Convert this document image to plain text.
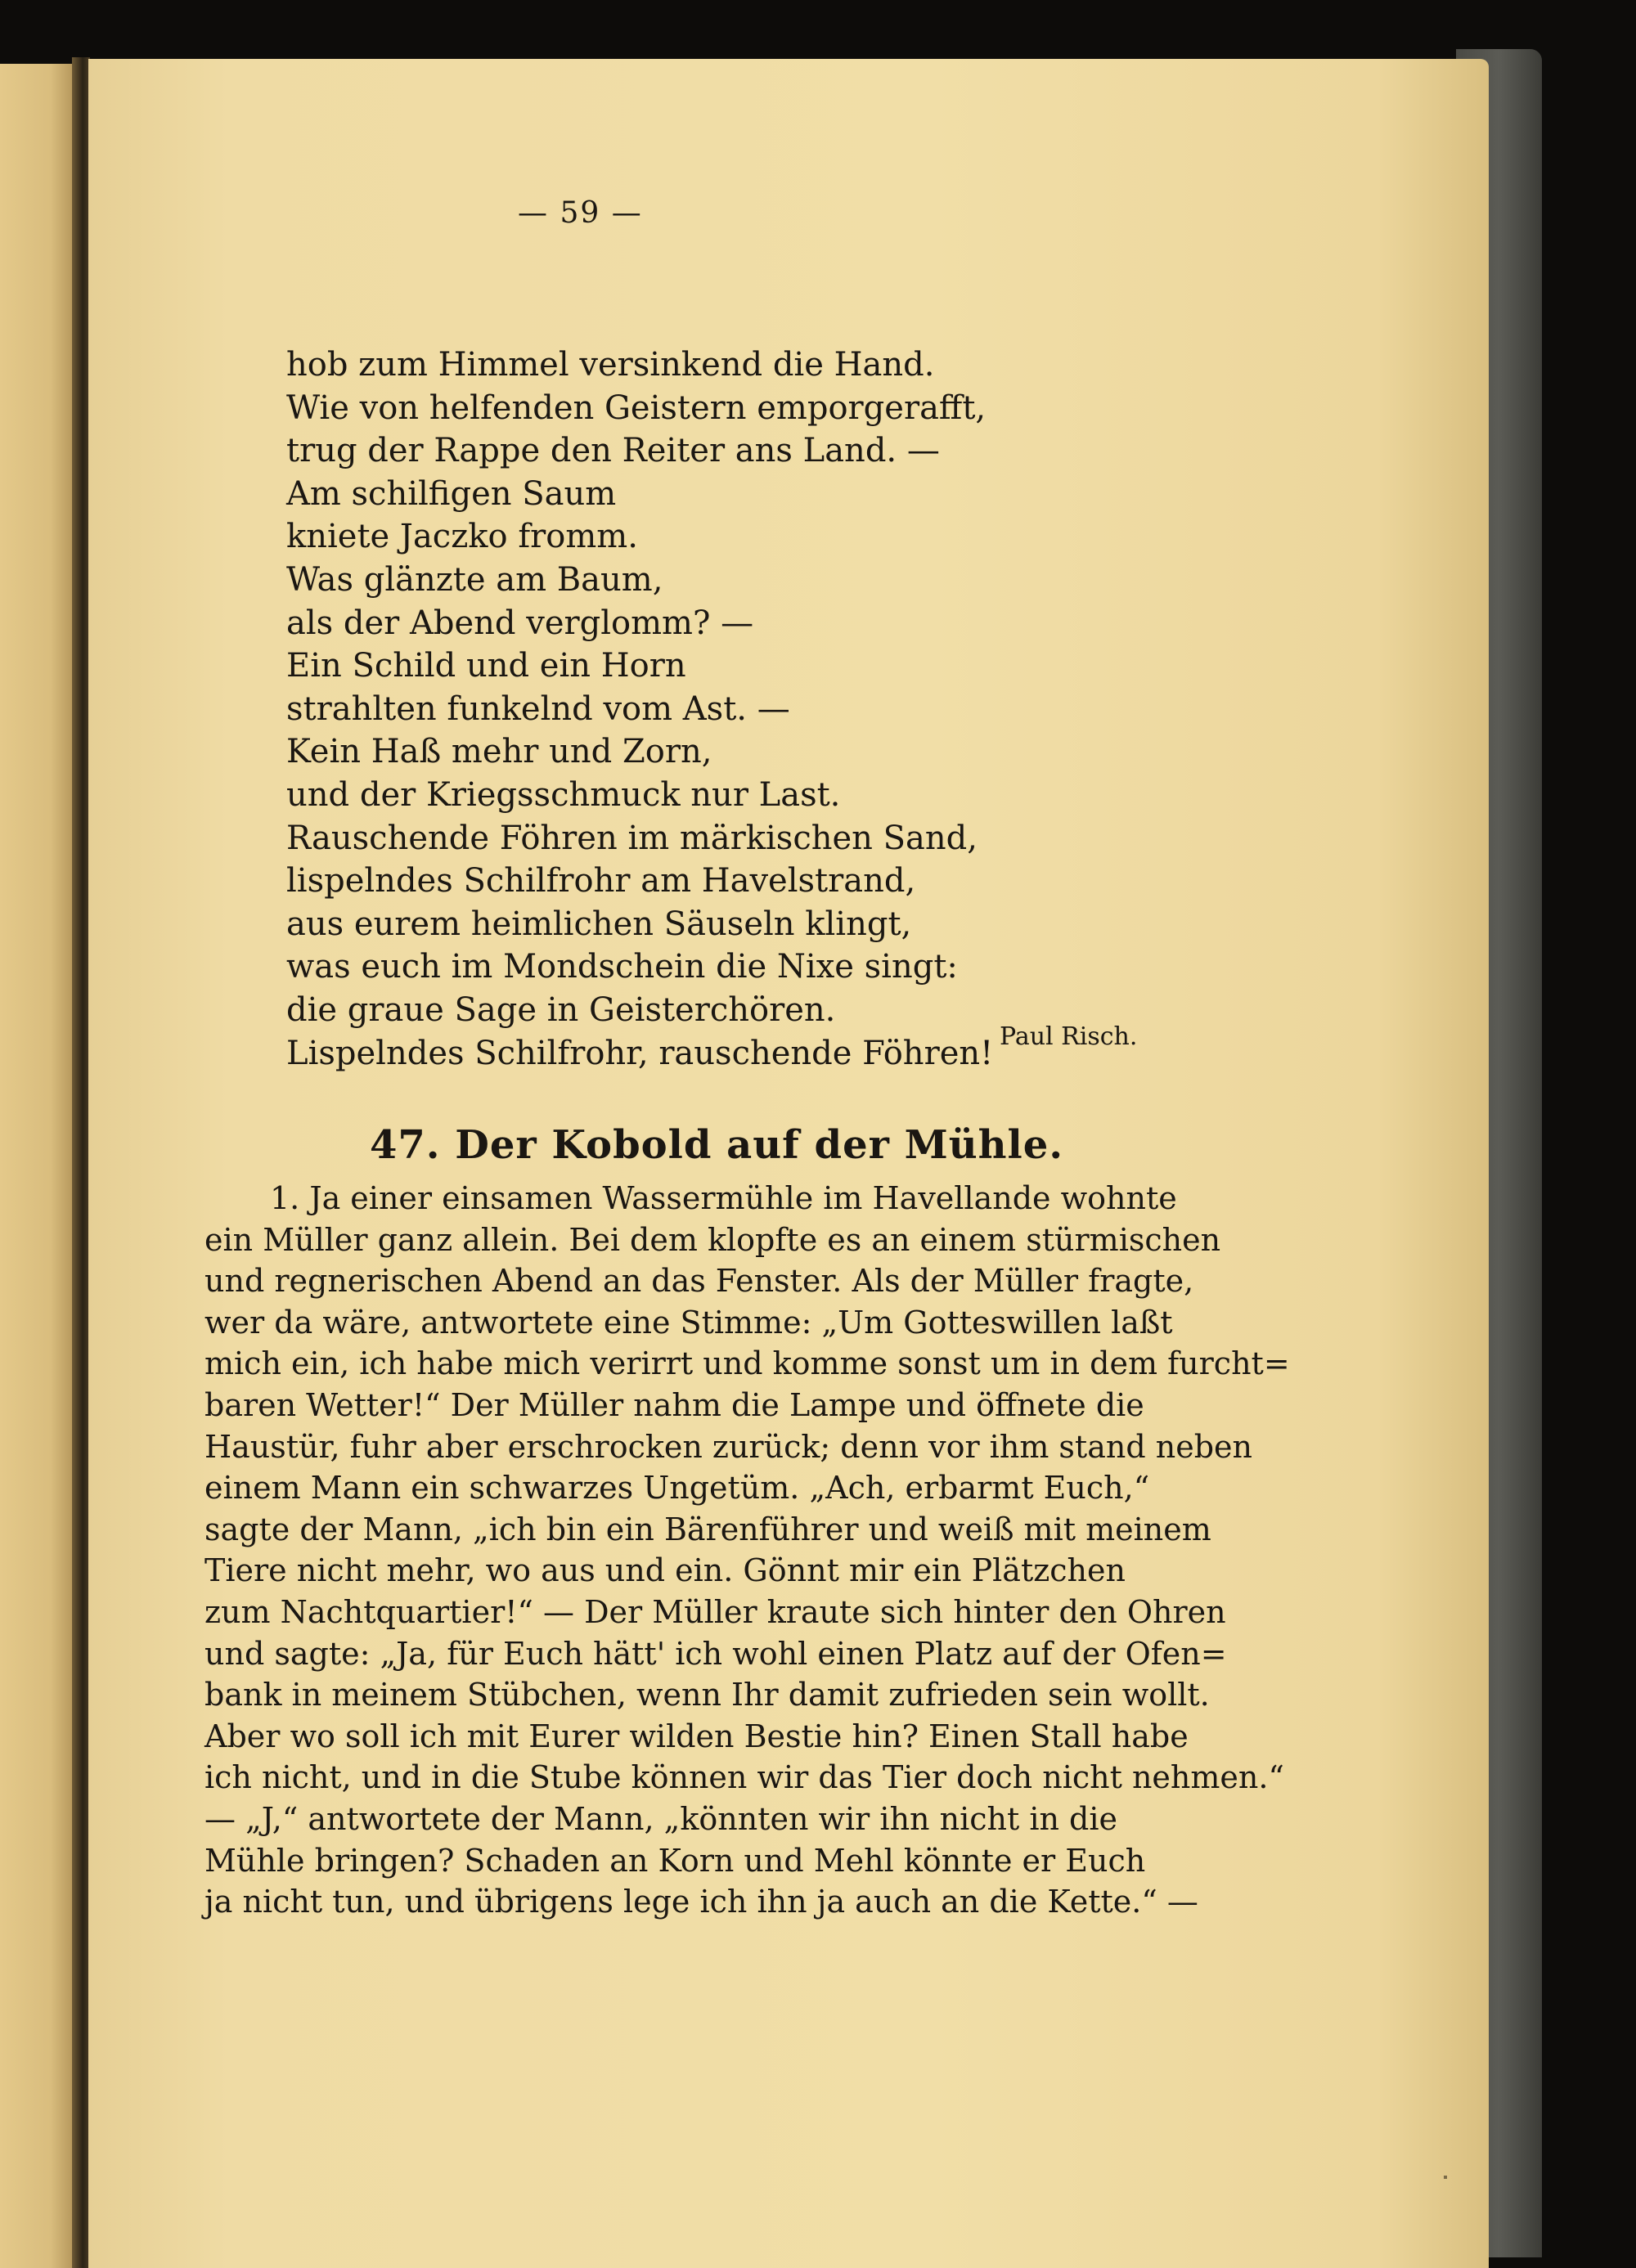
— 59 —
hob zum Himmel versinkend die Hand.
Wie von helfenden Geistern emporgerafft,
trug der Rappe den Reiter ans Land. —
Am schilfigen Saum
kniete Jaczko fromm.
Was glänzte am Baum,
als der Abend verglomm? —
Ein Schild und ein Horn
strahlten funkelnd vom Ast. —
Kein Haß mehr und Zorn,
und der Kriegsschmuck nur Last.
Rauschende Föhren im märkischen Sand,
lispelndes Schilfrohr am Havelstrand,
aus eurem heimlichen Säuseln klingt,
was euch im Mondschein die Nixe singt:
die graue Sage in Geisterchören.
Lispelndes Schilfrohr, rauschende Föhren! Paul Risch.
47. Der Kobold auf der Mühle.
1. Ja einer einsamen Wassermühle im Havellande wohnte
ein Müller ganz allein. Bei dem klopfte es an einem stürmischen
und regnerischen Abend an das Fenster. Als der Müller fragte,
wer da wäre, antwortete eine Stimme: „Um Gotteswillen laßt
mich ein, ich habe mich verirrt und komme sonst um in dem furcht=
baren Wetter!“ Der Müller nahm die Lampe und öffnete die
Haustür, fuhr aber erschrocken zurück; denn vor ihm stand neben
einem Mann ein schwarzes Ungetüm. „Ach, erbarmt Euch,“
sagte der Mann, „ich bin ein Bärenführer und weiß mit meinem
Tiere nicht mehr, wo aus und ein. Gönnt mir ein Plätzchen
zum Nachtquartier!“ — Der Müller kraute sich hinter den Ohren
und sagte: „Ja, für Euch hätt' ich wohl einen Platz auf der Ofen=
bank in meinem Stübchen, wenn Ihr damit zufrieden sein wollt.
Aber wo soll ich mit Eurer wilden Bestie hin? Einen Stall habe
ich nicht, und in die Stube können wir das Tier doch nicht nehmen.“
— „J,“ antwortete der Mann, „könnten wir ihn nicht in die
Mühle bringen? Schaden an Korn und Mehl könnte er Euch
ja nicht tun, und übrigens lege ich ihn ja auch an die Kette.“ —
